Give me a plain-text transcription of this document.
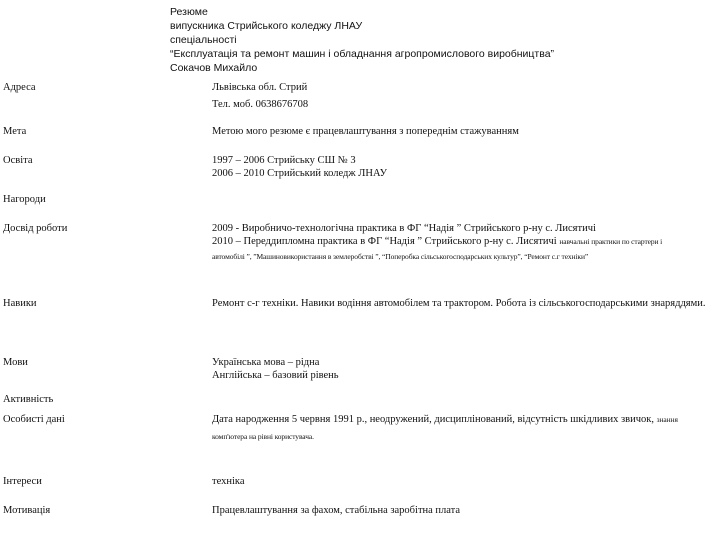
Резюме
випускника Стрийського коледжу ЛНАУ
спеціальності
“Експлуатація та ремонт машин і обладнання агропромислового виробництва”
Сокачов Михайло
Адреса	Львівська обл. Стрий
Тел. моб. 0638676708
Мета	Метою мого резюме є працевлаштування з попереднім стажуванням
Освіта	1997 – 2006 Стрийську СШ № 3
2006 – 2010 Стрийський коледж ЛНАУ
Нагороди
Досвід роботи	2009 - Виробничо-технологічна практика в ФГ “Надія ” Стрийського р-ну с. Лисятичі
2010 – Переддипломна практика в ФГ “Надія ” Стрийського р-ну с. Лисятичі навчальні практики по стартери і
автомобілі ”, ”Машиновикористання в землеробстві ”, “Поперобка сільськогосподарських культур”, “Ремонт с.г техніки”
Навики	Ремонт с-г техніки. Навики водіння автомобілем та трактором. Робота із сільськогосподарськими знаряддями.
Мови	Українська мова – рідна
Англійська – базовий рівень
Активність
Особисті дані	Дата народження 5 червня 1991 р., неодружений, дисциплінований, відсутність шкідливих звичок, знання
комп'ютера на рівні користувача.
Інтереси	техніка
Мотивація	Працевлаштування за фахом, стабільна заробітна плата
